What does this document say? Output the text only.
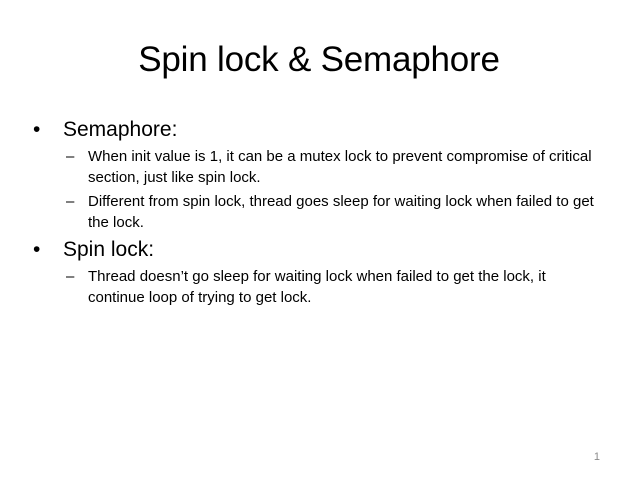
Spin lock & Semaphore
• Semaphore:
– When init value is 1, it can be a mutex lock to prevent compromise of critical section, just like spin lock.
– Different from spin lock, thread goes sleep for waiting lock when failed to get the lock.
• Spin lock:
– Thread doesn’t go sleep for waiting lock when failed to get the lock, it continue loop of trying to get lock.
1
